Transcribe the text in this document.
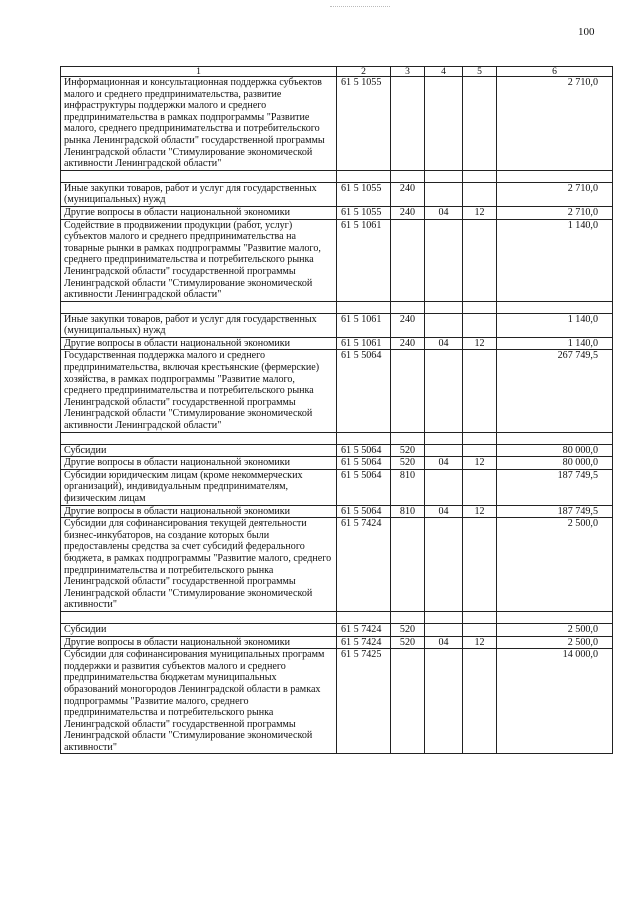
100
1	2	3	4	5	6
Информационная и консультационная поддержка субъектов малого и среднего предпринимательства, развитие инфраструктуры поддержки малого и среднего предпринимательства в рамках подпрограммы "Развитие малого, среднего предпринимательства и потребительского рынка Ленинградской области" государственной программы Ленинградской области "Стимулирование экономической активности Ленинградской области"	61 5 1055				2 710,0

Иные закупки товаров, работ и услуг для государственных (муниципальных) нужд	61 5 1055	240			2 710,0
Другие вопросы в области национальной экономики	61 5 1055	240	04	12	2 710,0
Содействие в продвижении продукции (работ, услуг) субъектов малого и среднего предпринимательства на товарные рынки в рамках подпрограммы "Развитие малого, среднего предпринимательства и потребительского рынка Ленинградской области" государственной программы Ленинградской области "Стимулирование экономической активности Ленинградской области"	61 5 1061				1 140,0

Иные закупки товаров, работ и услуг для государственных (муниципальных) нужд	61 5 1061	240			1 140,0
Другие вопросы в области национальной экономики	61 5 1061	240	04	12	1 140,0
Государственная поддержка малого и среднего предпринимательства, включая крестьянские (фермерские) хозяйства, в рамках подпрограммы "Развитие малого, среднего предпринимательства и потребительского рынка Ленинградской области" государственной программы Ленинградской области "Стимулирование экономической активности Ленинградской области"	61 5 5064				267 749,5

Субсидии	61 5 5064	520			80 000,0
Другие вопросы в области национальной экономики	61 5 5064	520	04	12	80 000,0
Субсидии юридическим лицам (кроме некоммерческих организаций), индивидуальным предпринимателям, физическим лицам	61 5 5064	810			187 749,5
Другие вопросы в области национальной экономики	61 5 5064	810	04	12	187 749,5
Субсидии для софинансирования текущей деятельности бизнес-инкубаторов, на создание которых были предоставлены средства за счет субсидий федерального бюджета, в рамках подпрограммы "Развитие малого, среднего предпринимательства и потребительского рынка Ленинградской области" государственной программы Ленинградской области "Стимулирование экономической активности"	61 5 7424				2 500,0

Субсидии	61 5 7424	520			2 500,0
Другие вопросы в области национальной экономики	61 5 7424	520	04	12	2 500,0
Субсидии для софинансирования муниципальных программ поддержки и развития субъектов малого и среднего предпринимательства бюджетам муниципальных образований моногородов Ленинградской области в рамках подпрограммы "Развитие малого, среднего предпринимательства и потребительского рынка Ленинградской области" государственной программы Ленинградской области "Стимулирование экономической активности"	61 5 7425				14 000,0
